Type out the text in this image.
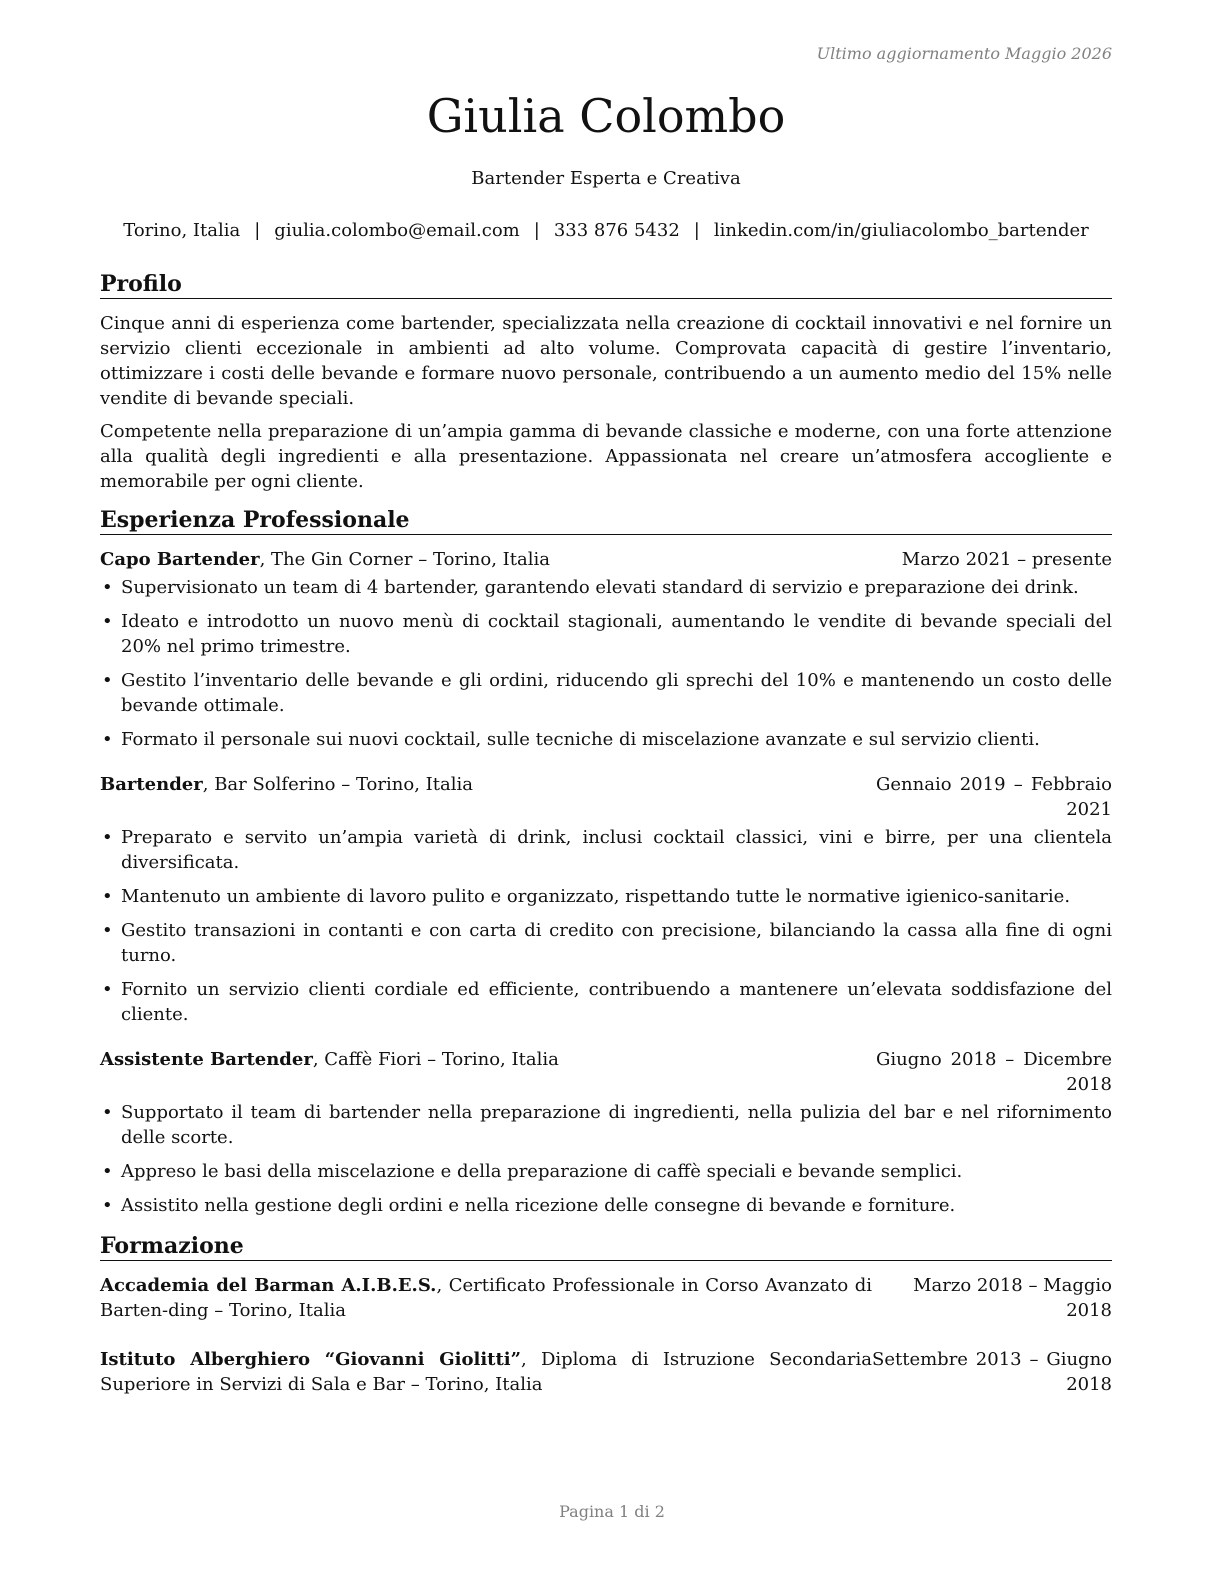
Ultimo aggiornamento Maggio 2026
Giulia Colombo
Bartender Esperta e Creativa
Torino, Italia | giulia.colombo@email.com | 333 876 5432 | linkedin.com/in/giuliacolombo_bartender
Profilo

Cinque anni di esperienza come bartender, specializzata nella creazione di cocktail innovativi e nel fornire un servizio clienti eccezionale in ambienti ad alto volume. Comprovata capacità di gestire l’inventario, ottimizzare i costi delle bevande e formare nuovo personale, contribuendo a un aumento medio del 15% nelle vendite di bevande speciali.

Competente nella preparazione di un’ampia gamma di bevande classiche e moderne, con una forte attenzione alla qualità degli ingredienti e alla presentazione. Appassionata nel creare un’atmosfera accogliente e memorabile per ogni cliente.

Esperienza Professionale
Capo Bartender, The Gin Corner – Torino, Italia	Marzo 2021 – presente
• Supervisionato un team di 4 bartender, garantendo elevati standard di servizio e preparazione dei drink.
• Ideato e introdotto un nuovo menù di cocktail stagionali, aumentando le vendite di bevande speciali del 20% nel primo trimestre.
• Gestito l’inventario delle bevande e gli ordini, riducendo gli sprechi del 10% e mantenendo un costo delle bevande ottimale.
• Formato il personale sui nuovi cocktail, sulle tecniche di miscelazione avanzate e sul servizio clienti.
Bartender, Bar Solferino – Torino, Italia	Gennaio 2019 – Febbraio 2021
• Preparato e servito un’ampia varietà di drink, inclusi cocktail classici, vini e birre, per una clientela diversificata.
• Mantenuto un ambiente di lavoro pulito e organizzato, rispettando tutte le normative igienico-sanitarie.
• Gestito transazioni in contanti e con carta di credito con precisione, bilanciando la cassa alla fine di ogni turno.
• Fornito un servizio clienti cordiale ed efficiente, contribuendo a mantenere un’elevata soddisfazione del cliente.
Assistente Bartender, Caffè Fiori – Torino, Italia	Giugno 2018 – Dicembre 2018
• Supportato il team di bartender nella preparazione di ingredienti, nella pulizia del bar e nel rifornimento delle scorte.
• Appreso le basi della miscelazione e della preparazione di caffè speciali e bevande semplici.
• Assistito nella gestione degli ordini e nella ricezione delle consegne di bevande e forniture.
Formazione
Accademia del Barman A.I.B.E.S., Certificato Professionale in Corso Avanzato di Barten-ding – Torino, Italia
Marzo 2018 – Maggio 2018
Istituto Alberghiero “Giovanni Giolitti”, Diploma di Istruzione Secondaria Superiore in Servizi di Sala e Bar – Torino, Italia
Settembre 2013 – Giugno 2018
Pagina 1 di 2
